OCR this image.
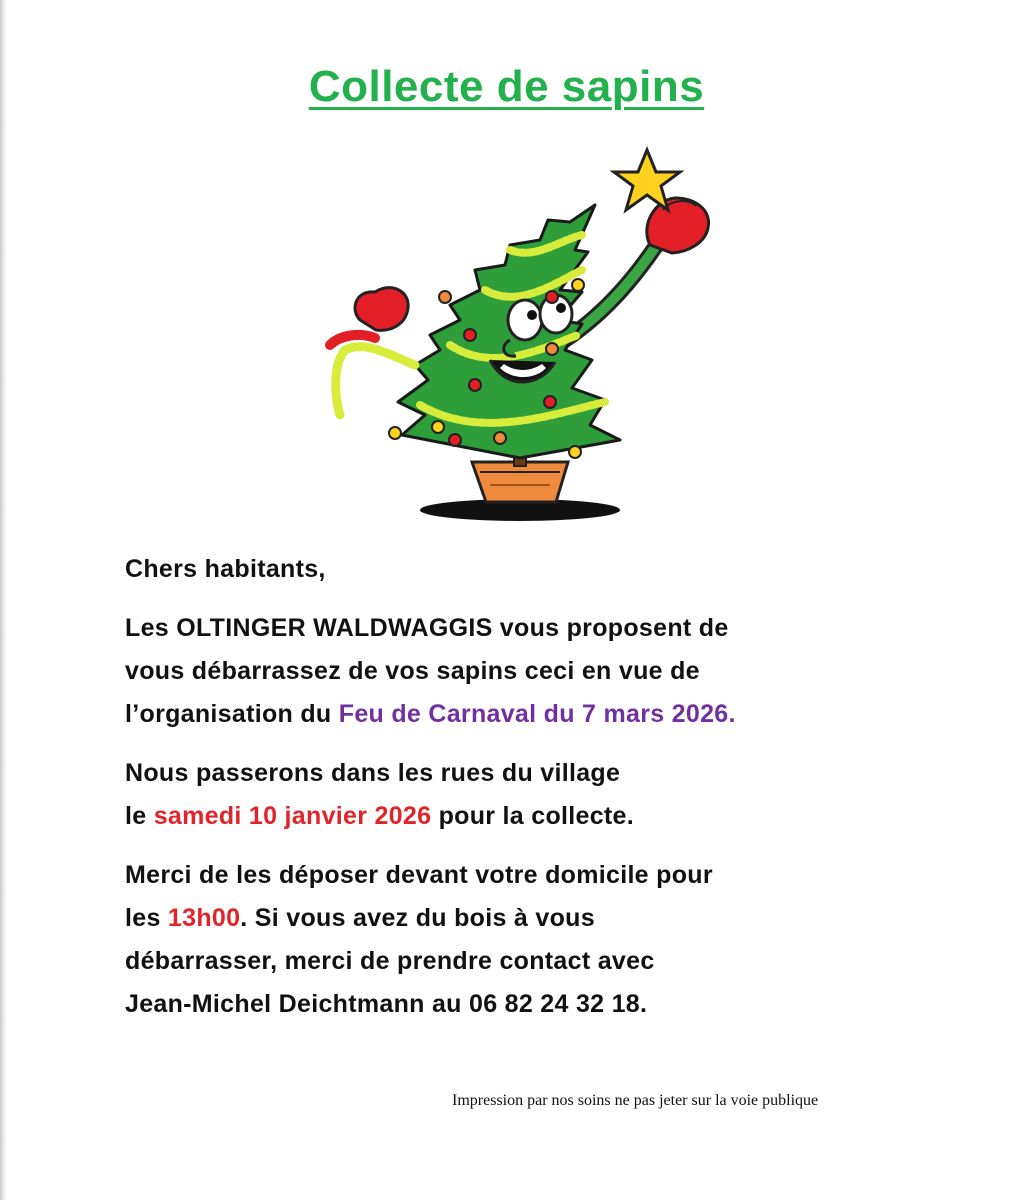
Collecte de sapins

Chers habitants,

Les OLTINGER WALDWAGGIS vous proposent de

vous débarrassez de vos sapins ceci en vue de

l’organisation du Feu de Carnaval du 7 mars 2026.

Nous passerons dans les rues du village

le samedi 10 janvier 2026 pour la collecte.

Merci de les déposer devant votre domicile pour

les 13h00. Si vous avez du bois à vous

débarrasser, merci de prendre contact avec

Jean-Michel Deichtmann au 06 82 24 32 18.

Impression par nos soins ne pas jeter sur la voie publique
